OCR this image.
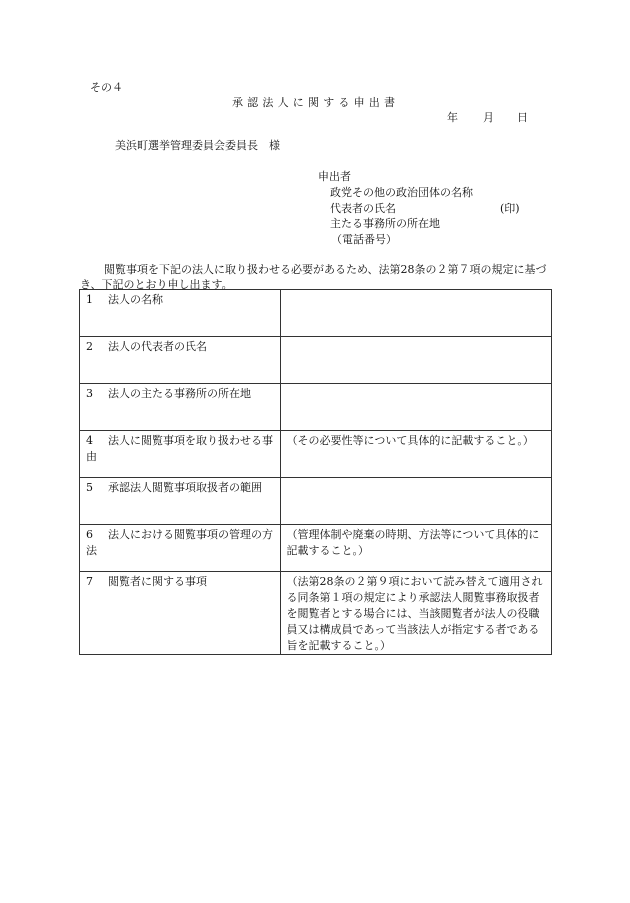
その４
承認法人に関する申出書
年 月 日
美浜町選挙管理委員会委員長　様
申出者
政党その他の政治団体の名称
代表者の氏名	(印)
主たる事務所の所在地
（電話番号）
閲覧事項を下記の法人に取り扱わせる必要があるため、法第28条の２第７項の規定に基づき、下記のとおり申し出ます。
1 法人の名称	
2 法人の代表者の氏名	
3 法人の主たる事務所の所在地	
4 法人に閲覧事項を取り扱わせる事由	（その必要性等について具体的に記載すること。）
5 承認法人閲覧事項取扱者の範囲	
6 法人における閲覧事項の管理の方法	（管理体制や廃棄の時期、方法等について具体的に記載すること。）
7 閲覧者に関する事項	（法第28条の２第９項において読み替えて適用される同条第１項の規定により承認法人閲覧事務取扱者を閲覧者とする場合には、当該閲覧者が法人の役職員又は構成員であって当該法人が指定する者である旨を記載すること。）
